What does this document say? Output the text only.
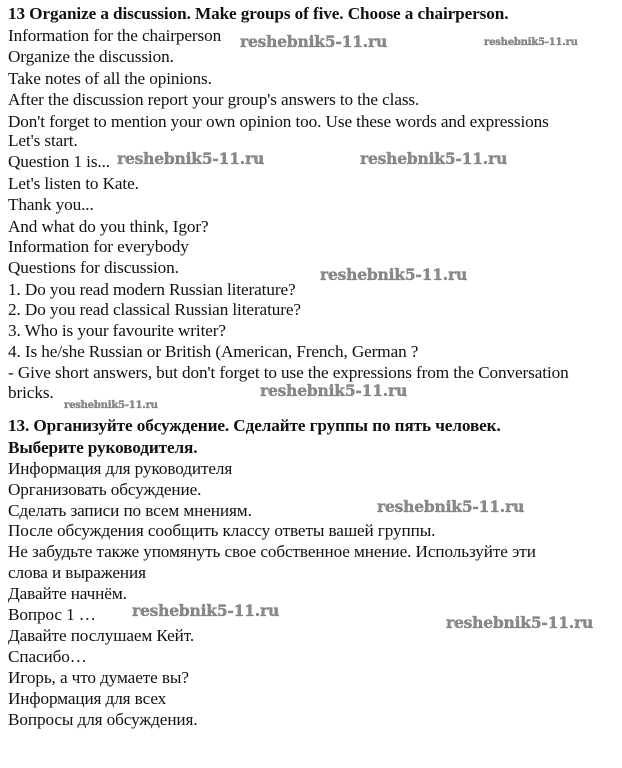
13 Organize a discussion. Make groups of five. Choose a chairperson.
Information for the chairperson
Organize the discussion.
Take notes of all the opinions.
After the discussion report your group's answers to the class.
Don't forget to mention your own opinion too. Use these words and expressions
Let's start.
Question 1 is...
Let's listen to Kate.
Thank you...
And what do you think, Igor?
Information for everybody
Questions for discussion.
1. Do you read modern Russian literature?
2. Do you read classical Russian literature?
3. Who is your favourite writer?
4. Is he/she Russian or British (American, French, German ?
- Give short answers, but don't forget to use the expressions from the Conversation
bricks.
13. Организуйте обсуждение. Сделайте группы по пять человек.
Выберите руководителя.
Информация для руководителя
Организовать обсуждение.
Сделать записи по всем мнениям.
После обсуждения сообщить классу ответы вашей группы.
Не забудьте также упомянуть свое собственное мнение. Используйте эти
слова и выражения
Давайте начнём.
Вопрос 1 …
Давайте послушаем Кейт.
Спасибо…
Игорь, а что думаете вы?
Информация для всех
Вопросы для обсуждения.
reshebnik5-11.ru	reshebnik5-11.ru
reshebnik5-11.ru	reshebnik5-11.ru
reshebnik5-11.ru
reshebnik5-11.ru
reshebnik5-11.ru
reshebnik5-11.ru
reshebnik5-11.ru
reshebnik5-11.ru
